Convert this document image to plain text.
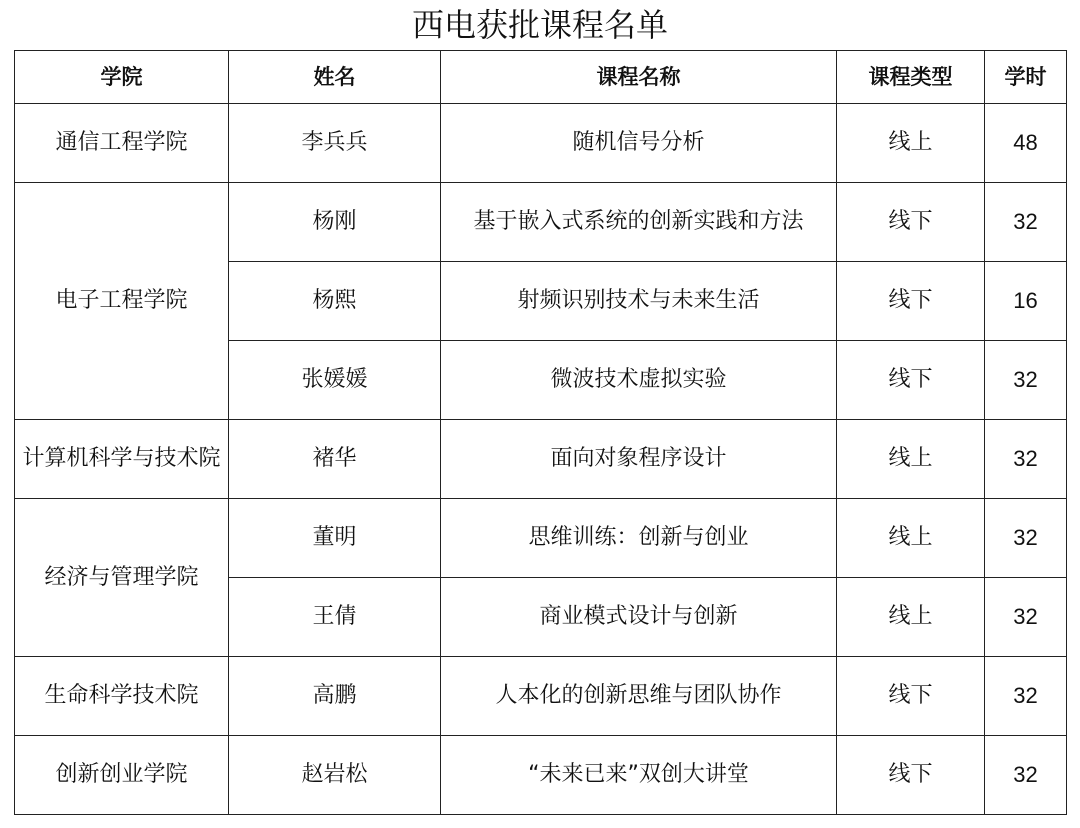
西电获批课程名单
学院	姓名	课程名称	课程类型	学时
通信工程学院	李兵兵	随机信号分析	线上	48
电子工程学院	杨刚	基于嵌入式系统的创新实践和方法	线下	32
	杨熙	射频识别技术与未来生活	线下	16
	张媛媛	微波技术虚拟实验	线下	32
计算机科学与技术院	褚华	面向对象程序设计	线上	32
经济与管理学院	董明	思维训练：创新与创业	线上	32
	王倩	商业模式设计与创新	线上	32
生命科学技术院	高鹏	人本化的创新思维与团队协作	线下	32
创新创业学院	赵岩松	“未来已来”双创大讲堂	线下	32
